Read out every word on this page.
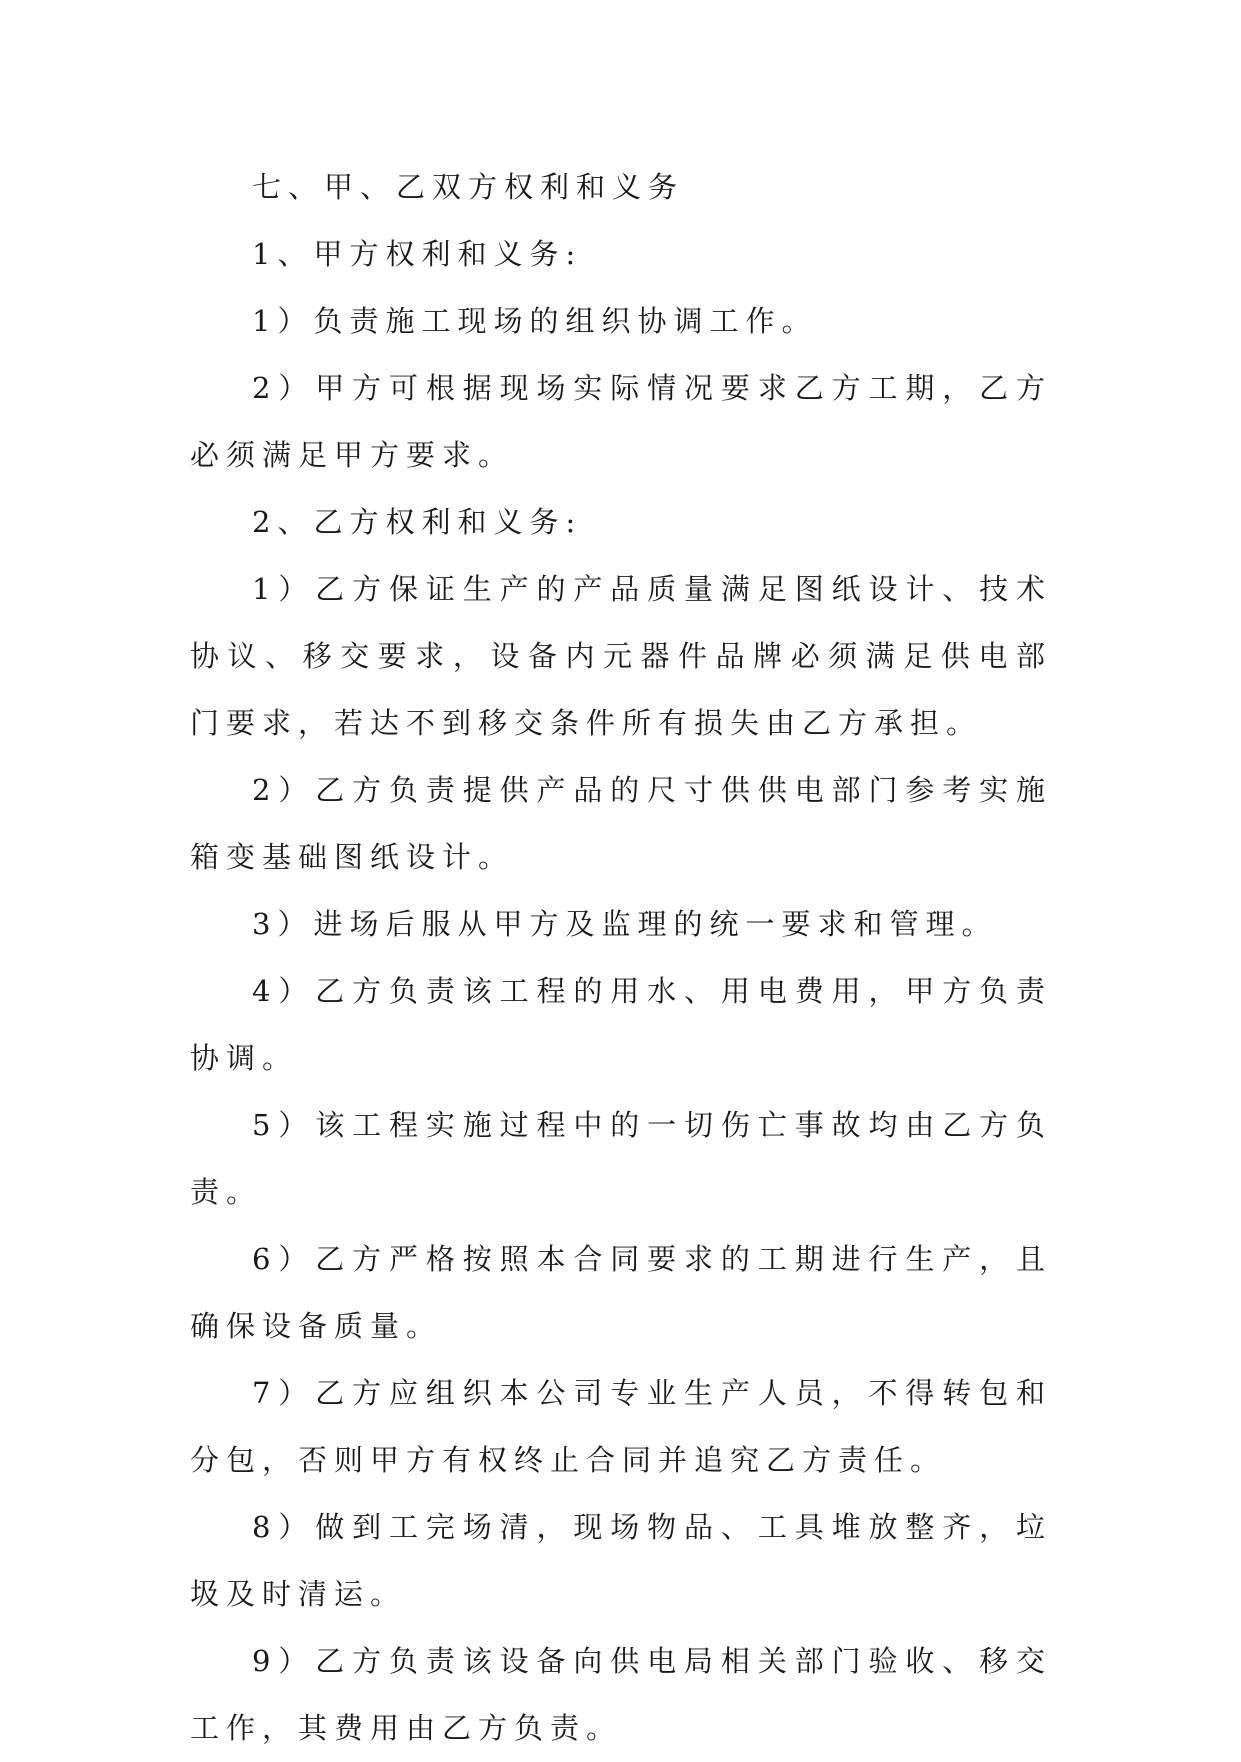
七、甲、乙双方权利和义务

1、甲方权利和义务:

1）负责施工现场的组织协调工作。

2）甲方可根据现场实际情况要求乙方工期，乙方必须满足甲方要求。

2、乙方权利和义务:

1）乙方保证生产的产品质量满足图纸设计、技术协议、移交要求，设备内元器件品牌必须满足供电部门要求，若达不到移交条件所有损失由乙方承担。

2）乙方负责提供产品的尺寸供供电部门参考实施箱变基础图纸设计。

3）进场后服从甲方及监理的统一要求和管理。

4）乙方负责该工程的用水、用电费用，甲方负责协调。

5）该工程实施过程中的一切伤亡事故均由乙方负责。

6）乙方严格按照本合同要求的工期进行生产，且确保设备质量。

7）乙方应组织本公司专业生产人员，不得转包和分包，否则甲方有权终止合同并追究乙方责任。

8）做到工完场清，现场物品、工具堆放整齐，垃圾及时清运。

9）乙方负责该设备向供电局相关部门验收、移交工作，其费用由乙方负责。
